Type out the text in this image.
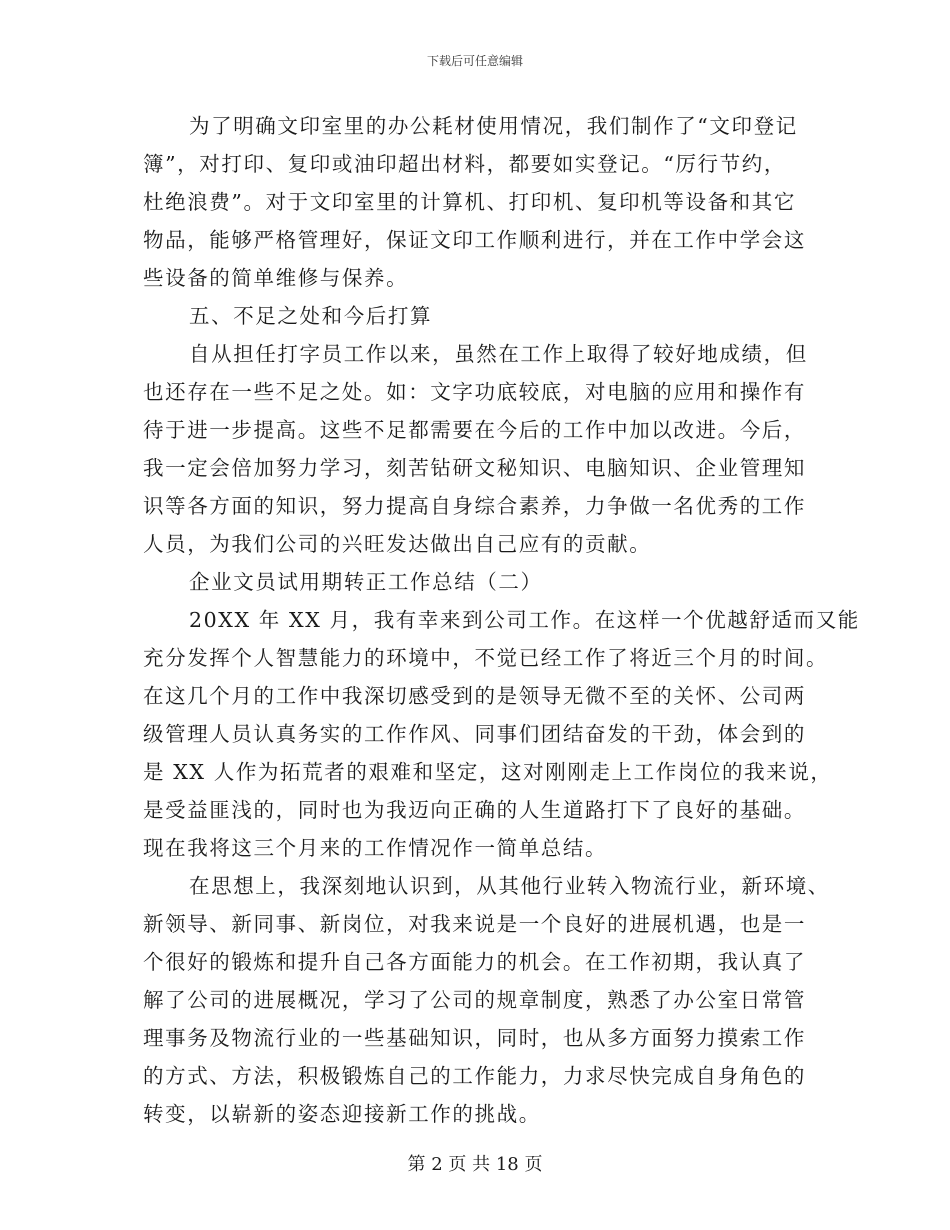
下载后可任意编辑
为了明确文印室里的办公耗材使用情况，我们制作了“文印登记
簿”，对打印、复印或油印超出材料，都要如实登记。“厉行节约，
杜绝浪费”。对于文印室里的计算机、打印机、复印机等设备和其它
物品，能够严格管理好，保证文印工作顺利进行，并在工作中学会这
些设备的简单维修与保养。
五、不足之处和今后打算
自从担任打字员工作以来，虽然在工作上取得了较好地成绩，但
也还存在一些不足之处。如：文字功底较底，对电脑的应用和操作有
待于进一步提高。这些不足都需要在今后的工作中加以改进。今后，
我一定会倍加努力学习，刻苦钻研文秘知识、电脑知识、企业管理知
识等各方面的知识，努力提高自身综合素养，力争做一名优秀的工作
人员，为我们公司的兴旺发达做出自己应有的贡献。
企业文员试用期转正工作总结（二）
20XX 年 XX 月，我有幸来到公司工作。在这样一个优越舒适而又能
充分发挥个人智慧能力的环境中，不觉已经工作了将近三个月的时间。
在这几个月的工作中我深切感受到的是领导无微不至的关怀、公司两
级管理人员认真务实的工作作风、同事们团结奋发的干劲，体会到的
是 XX 人作为拓荒者的艰难和坚定，这对刚刚走上工作岗位的我来说，
是受益匪浅的，同时也为我迈向正确的人生道路打下了良好的基础。
现在我将这三个月来的工作情况作一简单总结。
在思想上，我深刻地认识到，从其他行业转入物流行业，新环境、
新领导、新同事、新岗位，对我来说是一个良好的进展机遇，也是一
个很好的锻炼和提升自己各方面能力的机会。在工作初期，我认真了
解了公司的进展概况，学习了公司的规章制度，熟悉了办公室日常管
理事务及物流行业的一些基础知识，同时，也从多方面努力摸索工作
的方式、方法，积极锻炼自己的工作能力，力求尽快完成自身角色的
转变，以崭新的姿态迎接新工作的挑战。
第 2 页 共 18 页
